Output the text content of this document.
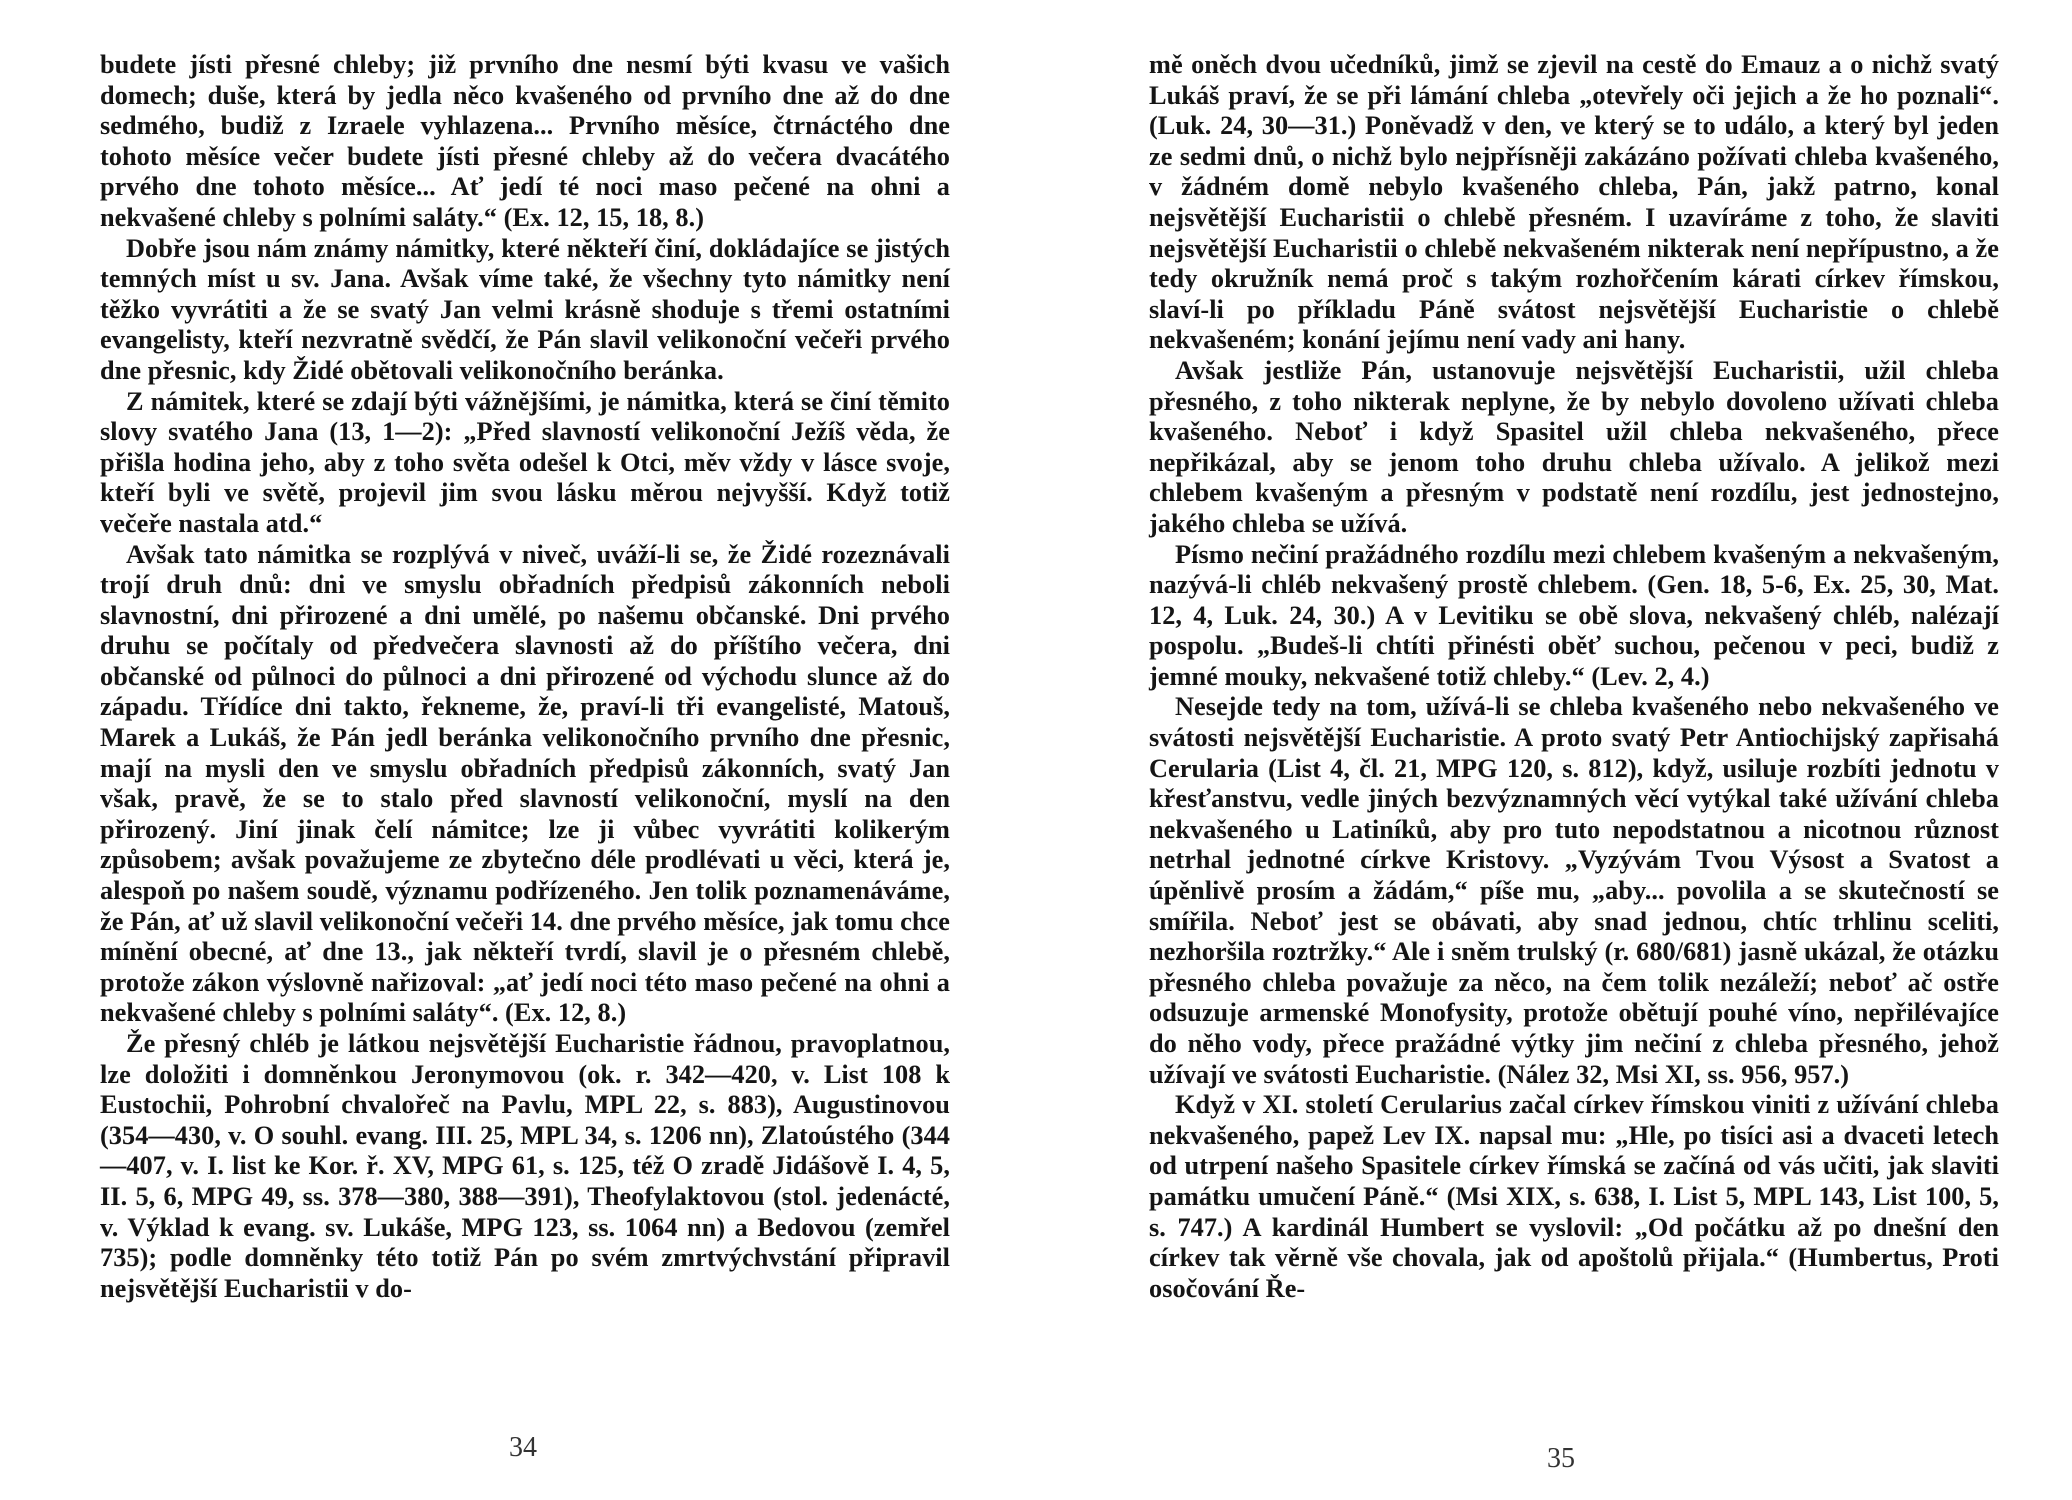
budete jísti přesné chleby; již prvního dne nesmí býti kvasu ve vašich domech; duše, která by jedla něco kvašeného od prvního dne až do dne sedmého, budiž z Izraele vyhlazena... Prvního měsíce, čtrnáctého dne tohoto měsíce večer budete jísti přesné chleby až do večera dvacátého prvého dne tohoto měsíce... Ať jedí té noci maso pečené na ohni a nekvašené chleby s polními saláty.“ (Ex. 12, 15, 18, 8.)

Dobře jsou nám známy námitky, které někteří činí, dokládajíce se jistých temných míst u sv. Jana. Avšak víme také, že všechny tyto námitky není těžko vyvrátiti a že se svatý Jan velmi krásně shoduje s třemi ostatními evangelisty, kteří nezvratně svědčí, že Pán slavil velikonoční večeři prvého dne přesnic, kdy Židé obětovali velikonočního beránka.

Z námitek, které se zdají býti vážnějšími, je námitka, která se činí těmito slovy svatého Jana (13, 1—2): „Před slavností velikonoční Ježíš věda, že přišla hodina jeho, aby z toho světa odešel k Otci, měv vždy v lásce svoje, kteří byli ve světě, projevil jim svou lásku měrou nejvyšší. Když totiž večeře nastala atd.“

Avšak tato námitka se rozplývá v niveč, uváží-li se, že Židé rozeznávali trojí druh dnů: dni ve smyslu obřadních předpisů zákonních neboli slavnostní, dni přirozené a dni umělé, po našemu občanské. Dni prvého druhu se počítaly od předvečera slavnosti až do příštího večera, dni občanské od půlnoci do půlnoci a dni přirozené od východu slunce až do západu. Třídíce dni takto, řekneme, že, praví-li tři evangelisté, Matouš, Marek a Lukáš, že Pán jedl beránka velikonočního prvního dne přesnic, mají na mysli den ve smyslu obřadních předpisů zákonních, svatý Jan však, pravě, že se to stalo před slavností velikonoční, myslí na den přirozený. Jiní jinak čelí námitce; lze ji vůbec vyvrátiti kolikerým způsobem; avšak považujeme ze zbytečno déle prodlévati u věci, která je, alespoň po našem soudě, významu podřízeného. Jen tolik poznamenáváme, že Pán, ať už slavil velikonoční večeři 14. dne prvého měsíce, jak tomu chce mínění obecné, ať dne 13., jak někteří tvrdí, slavil je o přesném chlebě, protože zákon výslovně nařizoval: „ať jedí noci této maso pečené na ohni a nekvašené chleby s polními saláty“. (Ex. 12, 8.)

Že přesný chléb je látkou nejsvětější Eucharistie řádnou, pravoplatnou, lze doložiti i domněnkou Jeronymovou (ok. r. 342—420, v. List 108 k Eustochii, Pohrobní chvalořeč na Pavlu, MPL 22, s. 883), Augustinovou (354—430, v. O souhl. evang. III. 25, MPL 34, s. 1206 nn), Zlatoústého (344—407, v. I. list ke Kor. ř. XV, MPG 61, s. 125, též O zradě Jidášově I. 4, 5, II. 5, 6, MPG 49, ss. 378—380, 388—391), Theofylaktovou (stol. jedenácté, v. Výklad k evang. sv. Lukáše, MPG 123, ss. 1064 nn) a Bedovou (zemřel 735); podle domněnky této totiž Pán po svém zmrtvýchvstání připravil nejsvětější Eucharistii v do-

34

mě oněch dvou učedníků, jimž se zjevil na cestě do Emauz a o nichž svatý Lukáš praví, že se při lámání chleba „otevřely oči jejich a že ho poznali“. (Luk. 24, 30—31.) Poněvadž v den, ve který se to událo, a který byl jeden ze sedmi dnů, o nichž bylo nejpřísněji zakázáno požívati chleba kvašeného, v žádném domě nebylo kvašeného chleba, Pán, jakž patrno, konal nejsvětější Eucharistii o chlebě přesném. I uzavíráme z toho, že slaviti nejsvětější Eucharistii o chlebě nekvašeném nikterak není nepřípustno, a že tedy okružník nemá proč s takým rozhořčením kárati církev římskou, slaví-li po příkladu Páně svátost nejsvětější Eucharistie o chlebě nekvašeném; konání jejímu není vady ani hany.

Avšak jestliže Pán, ustanovuje nejsvětější Eucharistii, užil chleba přesného, z toho nikterak neplyne, že by nebylo dovoleno užívati chleba kvašeného. Neboť i když Spasitel užil chleba nekvašeného, přece nepřikázal, aby se jenom toho druhu chleba užívalo. A jelikož mezi chlebem kvašeným a přesným v podstatě není rozdílu, jest jednostejno, jakého chleba se užívá.

Písmo nečiní pražádného rozdílu mezi chlebem kvašeným a nekvašeným, nazývá-li chléb nekvašený prostě chlebem. (Gen. 18, 5-6, Ex. 25, 30, Mat. 12, 4, Luk. 24, 30.) A v Levitiku se obě slova, nekvašený chléb, nalézají pospolu. „Budeš-li chtíti přinésti oběť suchou, pečenou v peci, budiž z jemné mouky, nekvašené totiž chleby.“ (Lev. 2, 4.)

Nesejde tedy na tom, užívá-li se chleba kvašeného nebo nekvašeného ve svátosti nejsvětější Eucharistie. A proto svatý Petr Antiochijský zapřisahá Cerularia (List 4, čl. 21, MPG 120, s. 812), když, usiluje rozbíti jednotu v křesťanstvu, vedle jiných bezvýznamných věcí vytýkal také užívání chleba nekvašeného u Latiníků, aby pro tuto nepodstatnou a nicotnou různost netrhal jednotné církve Kristovy. „Vyzývám Tvou Výsost a Svatost a úpěnlivě prosím a žádám,“ píše mu, „aby... povolila a se skutečností se smířila. Neboť jest se obávati, aby snad jednou, chtíc trhlinu sceliti, nezhoršila roztržky.“ Ale i sněm trulský (r. 680/681) jasně ukázal, že otázku přesného chleba považuje za něco, na čem tolik nezáleží; neboť ač ostře odsuzuje armenské Monofysity, protože obětují pouhé víno, nepřilévajíce do něho vody, přece pražádné výtky jim nečiní z chleba přesného, jehož užívají ve svátosti Eucharistie. (Nález 32, Msi XI, ss. 956, 957.)

Když v XI. století Cerularius začal církev římskou viniti z užívání chleba nekvašeného, papež Lev IX. napsal mu: „Hle, po tisíci asi a dvaceti letech od utrpení našeho Spasitele církev římská se začíná od vás učiti, jak slaviti památku umučení Páně.“ (Msi XIX, s. 638, I. List 5, MPL 143, List 100, 5, s. 747.) A kardinál Humbert se vyslovil: „Od počátku až po dnešní den církev tak věrně vše chovala, jak od apoštolů přijala.“ (Humbertus, Proti osočování Ře-

35
